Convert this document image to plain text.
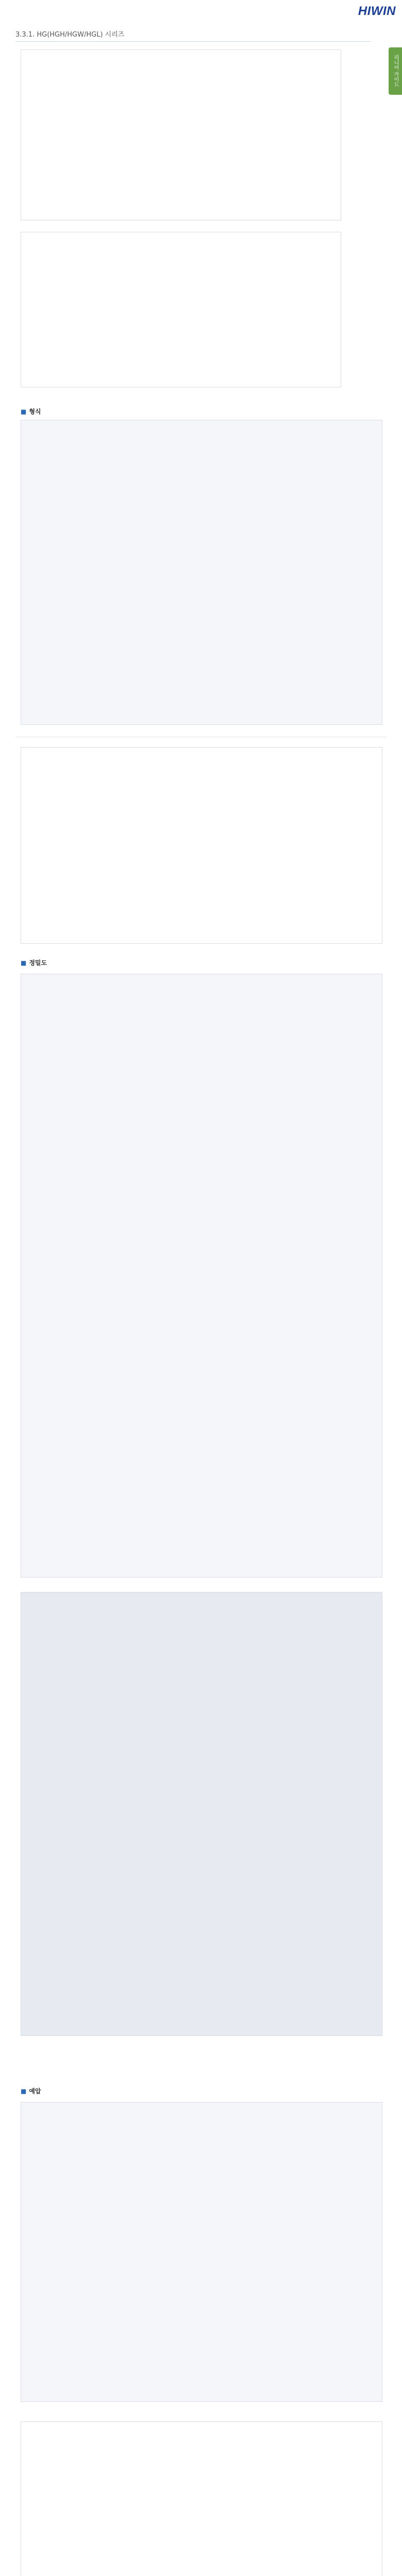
HIWIN
3.3.1. HG(HGH/HGW/HGL) 시리즈
리니어 가이드
■ 형식
■ 정밀도
■ 예압
